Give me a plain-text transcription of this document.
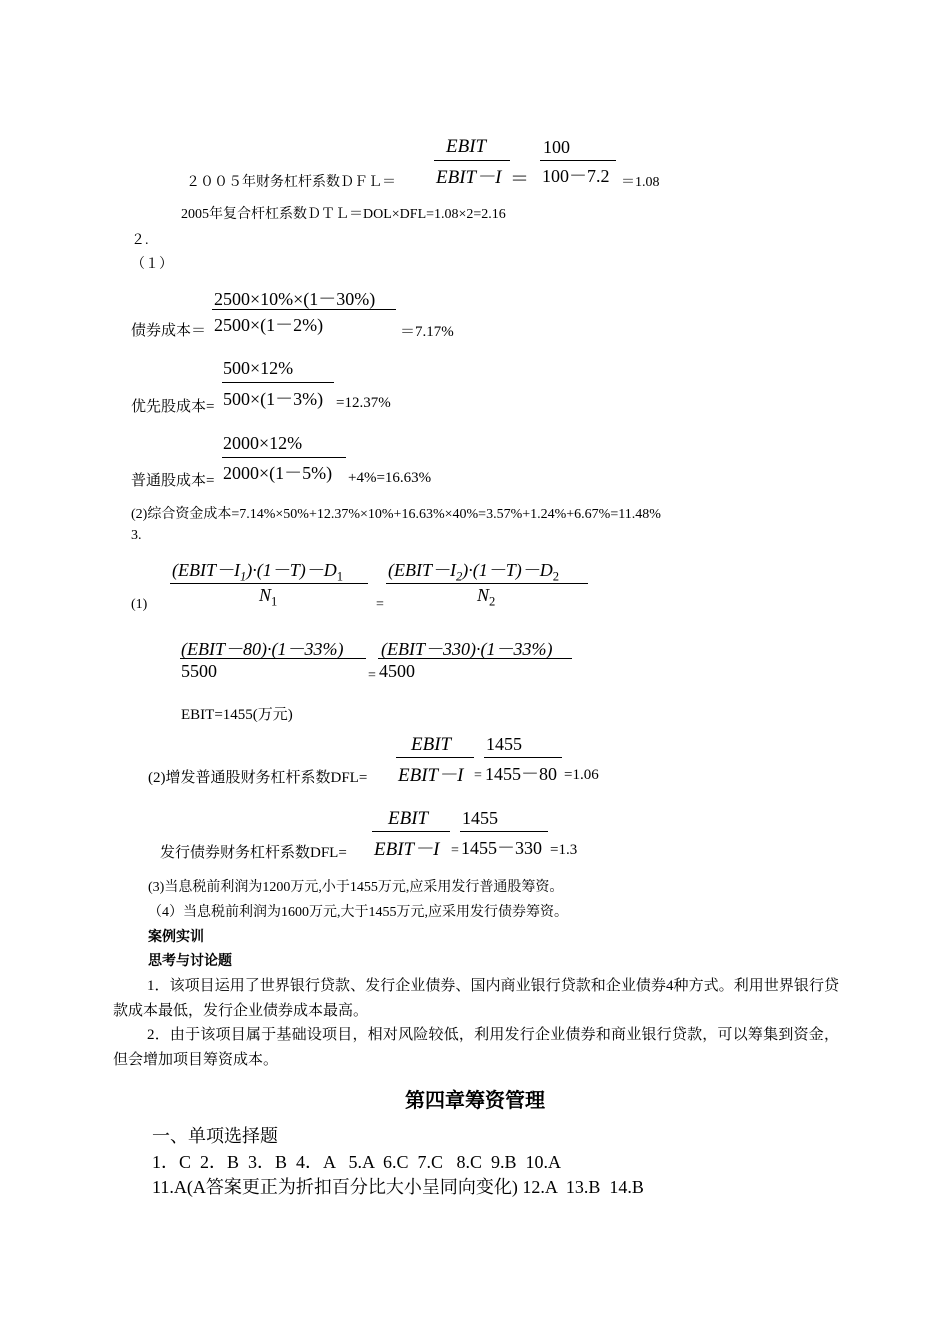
２００５年财务杠杆系数ＤＦＬ＝
EBIT
EBIT－I ＝
100
100－7.2 ＝1.08
2005年复合杆杠系数ＤＴＬ＝DOL×DFL=1.08×2=2.16
２.
（１）
2500×10%×(1－30%)
2500×(1－2%)
债券成本＝	＝7.17%
500×12%
500×(1－3%)
优先股成本=	=12.37%
2000×12%
2000×(1－5%)
普通股成本=	+4%=16.63%
(2)综合资金成本=7.14%×50%+12.37%×10%+16.63%×40%=3.57%+1.24%+6.67%=11.48%
3.
(1)
$(EBIT-I_1)\cdot(1-T)-D_1$
$N_1$	=
$(EBIT-I_2)\cdot(1-T)-D_2$
$N_2$
(EBIT－80)·(1－33%)
5500	=
(EBIT－330)·(1－33%)
4500
EBIT=1455(万元)
EBIT
EBIT－I
(2)增发普通股财务杠杆系数DFL=	=
1455
1455－80 =1.06
EBIT
EBIT－I
发行债券财务杠杆系数DFL=	=
1455
1455－330 =1.3
(3)当息税前利润为1200万元,小于1455万元,应采用发行普通股筹资。
（4）当息税前利润为1600万元,大于1455万元,应采用发行债券筹资。
案例实训
思考与讨论题
1．该项目运用了世界银行贷款、发行企业债券、国内商业银行贷款和企业债券4种方式。利用世界银行贷款成本最低，发行企业债券成本最高。
2．由于该项目属于基础设项目，相对风险较低，利用发行企业债券和商业银行贷款，可以筹集到资金，但会增加项目筹资成本。
第四章筹资管理
一、单项选择题
1．C  2．B  3．B  4．A   5.A  6.C  7.C   8.C  9.B  10.A
11.A(A答案更正为折扣百分比大小呈同向变化) 12.A  13.B  14.B
